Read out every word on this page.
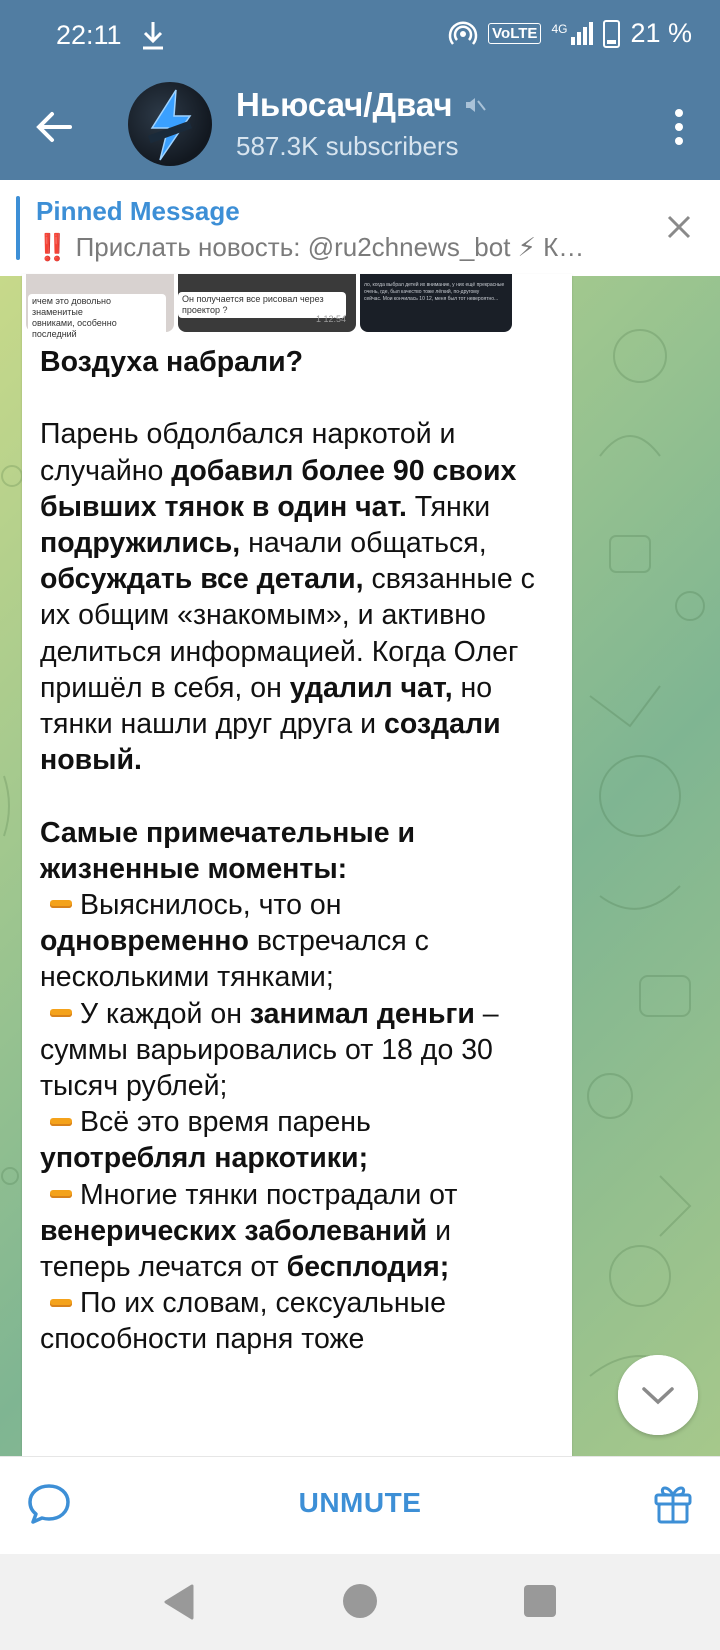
22:11	VoLTE	4G 21 %
Ньюсач/Двач
587.3K subscribers
Pinned Message
‼️ Прислать новость: @ru2chnews_bot ⚡ К…
ичем это довольно знаменитые
овниками, особенно последний
Он получается все рисовал через
проектор ?
1 12:54
ло, когда выбрал детей их внимание, у них ещё прекрасные
очень, где, был качество тоже лёгкий, по-другому
сейчас. Мои кончилась 10 12, меня был тот невероятно...

Воздуха набрали?

Парень обдолбался наркотой и случайно добавил более 90 своих бывших тянок в один чат. Тянки подружились, начали общаться, обсуждать все детали, связанные с их общим «знакомым», и активно делиться информацией. Когда Олег пришёл в себя, он удалил чат, но тянки нашли друг друга и создали новый.

Самые примечательные и жизненные моменты:

Выяснилось, что он одновременно встречался с несколькими тянками;

У каждой он занимал деньги – суммы варьировались от 18 до 30 тысяч рублей;

Всё это время парень употреблял наркотики;

Многие тянки пострадали от венерических заболеваний и теперь лечатся от бесплодия;

По их словам, сексуальные способности парня тоже

UNMUTE
